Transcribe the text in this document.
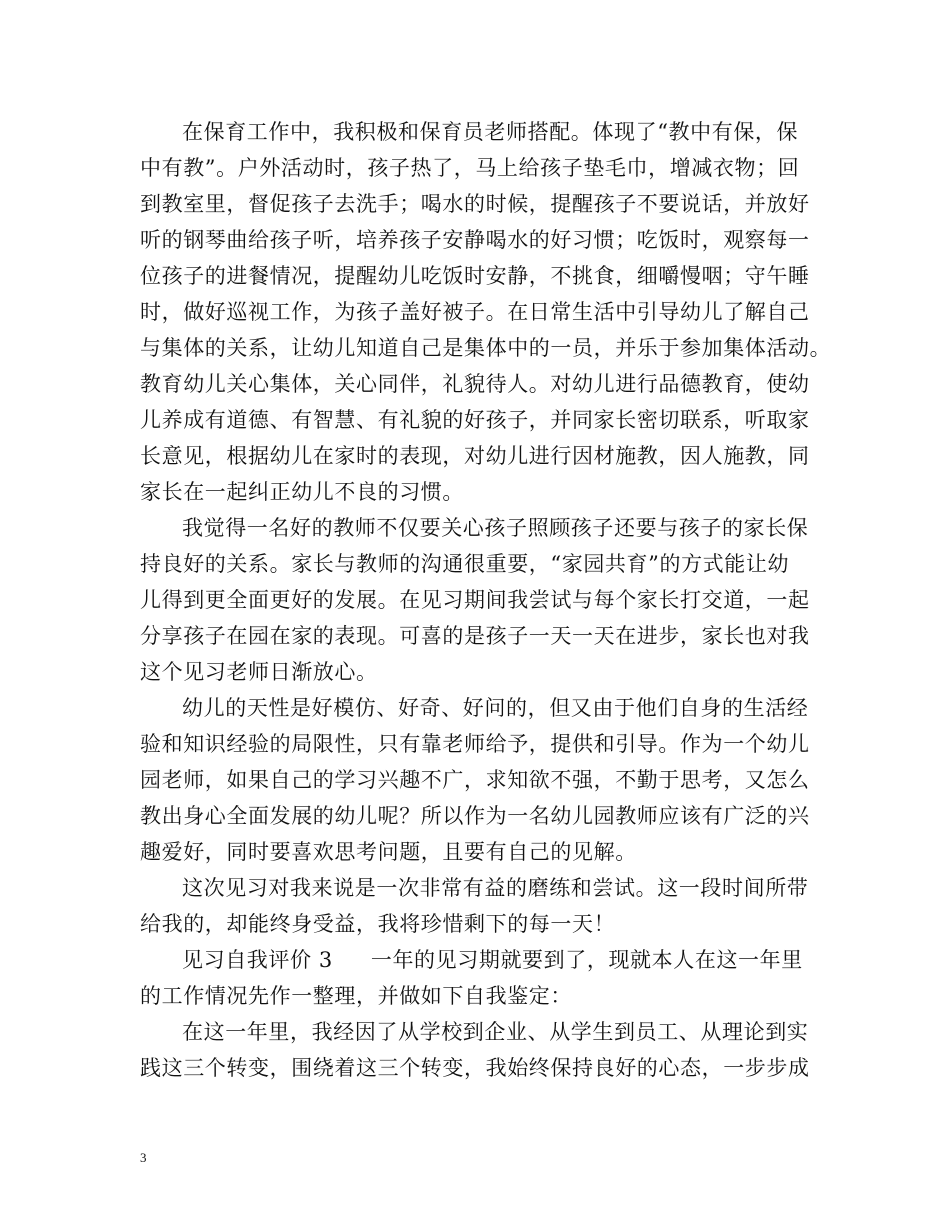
在保育工作中，我积极和保育员老师搭配。体现了“教中有保，保
中有教”。户外活动时，孩子热了，马上给孩子垫毛巾，增减衣物；回
到教室里，督促孩子去洗手；喝水的时候，提醒孩子不要说话，并放好
听的钢琴曲给孩子听，培养孩子安静喝水的好习惯；吃饭时，观察每一
位孩子的进餐情况，提醒幼儿吃饭时安静，不挑食，细嚼慢咽；守午睡
时，做好巡视工作，为孩子盖好被子。在日常生活中引导幼儿了解自己
与集体的关系，让幼儿知道自己是集体中的一员，并乐于参加集体活动。
教育幼儿关心集体，关心同伴，礼貌待人。对幼儿进行品德教育，使幼
儿养成有道德、有智慧、有礼貌的好孩子，并同家长密切联系，听取家
长意见，根据幼儿在家时的表现，对幼儿进行因材施教，因人施教，同
家长在一起纠正幼儿不良的习惯。
我觉得一名好的教师不仅要关心孩子照顾孩子还要与孩子的家长保
持良好的关系。家长与教师的沟通很重要，“家园共育”的方式能让幼
儿得到更全面更好的发展。在见习期间我尝试与每个家长打交道，一起
分享孩子在园在家的表现。可喜的是孩子一天一天在进步，家长也对我
这个见习老师日渐放心。
幼儿的天性是好模仿、好奇、好问的，但又由于他们自身的生活经
验和知识经验的局限性，只有靠老师给予，提供和引导。作为一个幼儿
园老师，如果自己的学习兴趣不广，求知欲不强，不勤于思考，又怎么
教出身心全面发展的幼儿呢？所以作为一名幼儿园教师应该有广泛的兴
趣爱好，同时要喜欢思考问题，且要有自己的见解。
这次见习对我来说是一次非常有益的磨练和尝试。这一段时间所带
给我的，却能终身受益，我将珍惜剩下的每一天！
见习自我评价 3 一年的见习期就要到了，现就本人在这一年里
的工作情况先作一整理，并做如下自我鉴定：
在这一年里，我经因了从学校到企业、从学生到员工、从理论到实
践这三个转变，围绕着这三个转变，我始终保持良好的心态，一步步成
3
